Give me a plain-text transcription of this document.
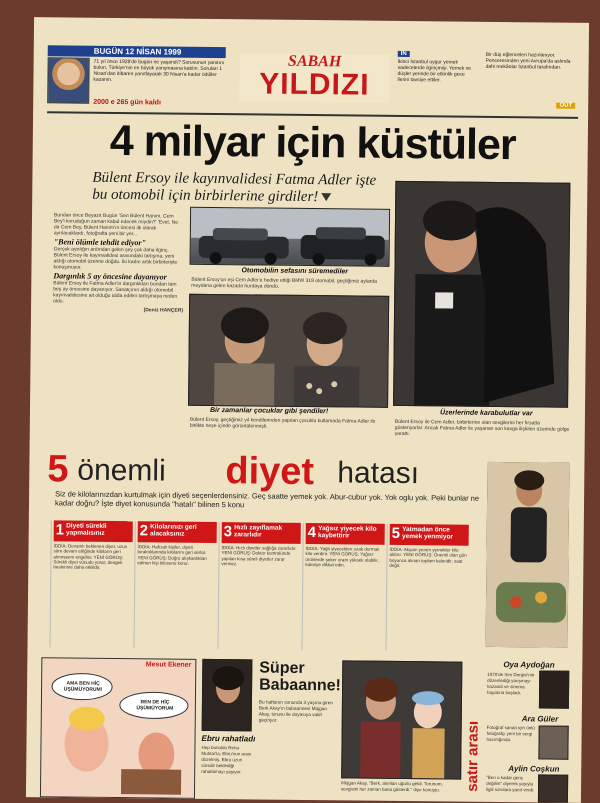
BUGÜN 12 NİSAN 1999
71 yıl önce 1928'de bugün ne yaşandı? Sorusunun yanıtını bulun, Türkiye'nin en büyük yarışmasına katılın. Soruları 1 Nisan'dan itibaren yanıtlayarak 30 Nisan'a kadar ödüller kazanın.
2000 e 265 gün kaldı
SABAH
YILDIZI
İN
İkinci İstanbul uygur yemek sadecelerde ilginçmişi. Yemek ve düşler yerinde bir etkinlik gece ilerini tavsiye ettiler.
Bir düş eğlenceleri hazırlanıyor. Penceresinden yeni Avrupa'da aslında dahi mekânlar İstanbul tarafından.
OUT
4 milyar için küstüler
Bülent Ersoy ile kayınvalidesi Fatma Adler işte bu otomobil için birbirlerine girdiler!
Bundan önce Beyazıt Bugün 'Sen Bülent Hanım, Cem Bey'i koruduğun zaman kabul edecek miydin?' 'Evet, Ne da Cem Bey, Bülent Hanım'ın öncesi ilk olarak ayrılacaklardı, fotoğrafta yeni bir yer...
"Beni ölümle tehdit ediyor"
Gerçek ayrılığın ardından gelen şey çok daha ilginç. Bülent Ersoy ile kayınvalidesi arasındaki tartışma, yeni aldığı otomobil üzerine doğdu. İki kadın artık birbirleriyle konuşmuyor.
Dargınlık 5 ay öncesine dayanıyor
Bülent Ersoy ile Fatma Adler'in dargınlıkları bundan tam beş ay öncesine dayanıyor. Sanatçının aldığı otomobil kayınvalidesine ait olduğu iddia edilen tartışmaya neden oldu.
(Deniz HANÇER)
Otomobilin sefasını süremediler
Bülent Ersoy'un eşi Cem Adler'e hediye ettiği BMW 318 otomobil, geçtiğimiz aylarda meydana gelen kazada hurdaya döndü.
Bir zamanlar çocuklar gibi şendiler!
Bülent Ersoy, geçtiğimiz yıl kendilerinden yapılan çocuklu kutlamada Fatma Adler ile birlikte neşe içinde görüntülenmişti.
Üzerlerinde karabulutlar var
Bülent Ersoy ile Cem Adler, birbirlerine olan sevgilerini her fırsatta gösteriyorlar. Ancak Fatma Adler ile yaşanan son kavga ilişkileri üzerinde gölge yarattı.
5 önemli diyet hatası
Siz de kilolarınızdan kurtulmak için diyeti seçenlerdensiniz. Geç saatte yemek yok. Abur-cubur yok. Yok oglu yok. Peki bunlar ne kadar doğru? İşte diyet konusunda "hatalı" bilinen 5 konu
1 Diyeti sürekli yapmalısınız
İDDİA: Devamlı beklenen diyet, uzun süre devam ettiğinde kiloların geri alınmasını engeller. YENİ GÖRÜŞ: Sürekli diyet vücudu yorar; dengeli beslenme daha etkilidir.
2 Kilolarınızı geri alacaksınız
İDDİA: Hafızalı kişiler, diyeti bıraktıklarında kilolarını geri alırlar. YENİ GÖRÜŞ: Doğru alışkanlıkları edinen kişi kilosunu korur.
3 Hızlı zayıflamak zararlıdır
İDDİA: Hızlı diyetler sağlığa zararlıdır. YENİ GÖRÜŞ: Doktor kontrolünde yapılan kısa süreli diyetler zarar vermez.
4 Yağsız yiyecek kilo kaybettirir
İDDİA: Yağlı yiyecekten uzak durmak kilo verdirir. YENİ GÖRÜŞ: Yağsız ürünlerde şeker oranı yüksek olabilir, kaloriye dikkat edin.
5 Yatmadan önce yemek yenmiyor
İDDİA: Akşam yenen yemekler kilo aldırır. YENİ GÖRÜŞ: Önemli olan gün boyunca alınan toplam kaloridir, saat değil.
Mesut Ekener
AMA BEN HİÇ ÜŞÜMÜYORUM!
BEN DE HİÇ ÜŞÜMÜYORUM
Ebru rahatladı
Hep bunuldu Reha Muhtar'la, Ebru'nun arası düzelmiş. Ebru uzun süredir beklediği rahatlamayı yaşıyor.
Süper
Babaanne!
Bu haftanın sonunda 3 yaşına giren Berk Akay'ın babaannesi Müjgan Akay, torunu ile doyasıya vakit geçiriyor.
Müjgan Akay, "Berk, alımları uğurlu geldi. Torunum, sevgisini her zaman bana gösterdi." diye konuştu.	satır arası
Oya Aydoğan
1970'de Ses Dergisi'nin düzenlediği yarışmayı kazandı ve sinema hayatına başladı.
Ara Güler
Fotoğraf sanatı için ünlü fotoğrafçı yeni bir sergi hazırlığında.
Aylin Coşkun
"Ben o kadar genç değilim" diyerek yaşıyla ilgili sorulara yanıt verdi.
